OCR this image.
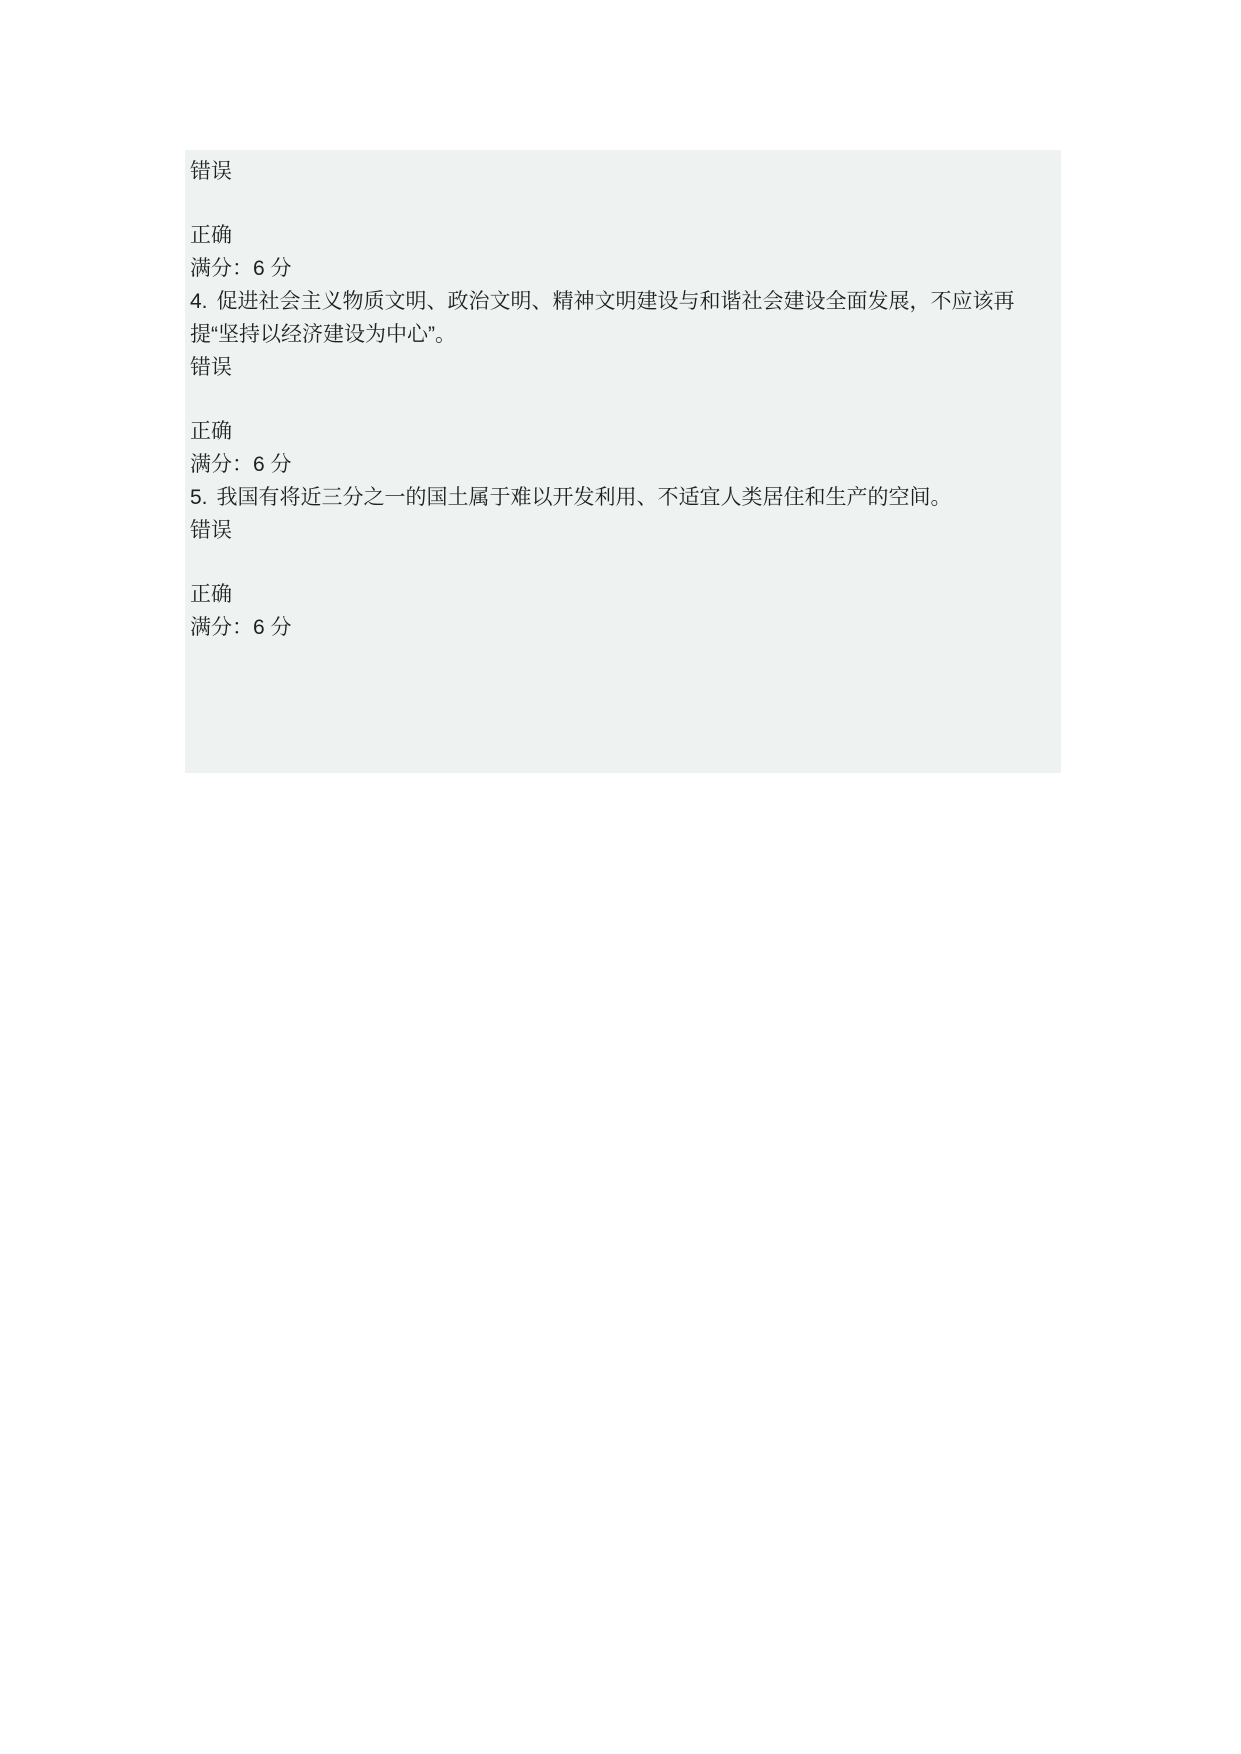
错误

正确

满分：6 分

4. 促进社会主义物质文明、政治文明、精神文明建设与和谐社会建设全面发展，不应该再提“坚持以经济建设为中心”。

错误

正确

满分：6 分

5. 我国有将近三分之一的国土属于难以开发利用、不适宜人类居住和生产的空间。

错误

正确

满分：6 分
